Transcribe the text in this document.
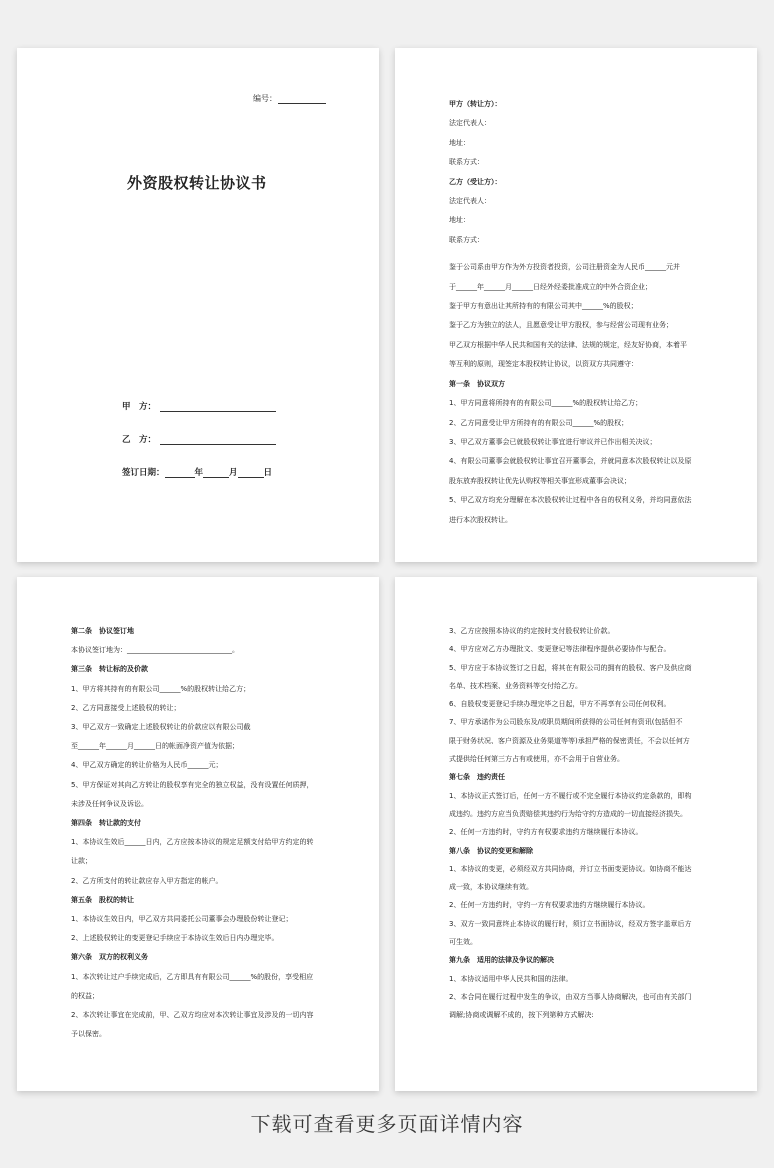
编号：
外资股权转让协议书
甲　方：
乙　方：
签订日期：	年	月	日
甲方（转让方）：
法定代表人：
地址：
联系方式：
乙方（受让方）：
法定代表人：
地址：
联系方式：
鉴于公司系由甲方作为外方投资者投资，公司注册资金为人民币______元并
于______年______月______日经外经委批准成立的中外合资企业；
鉴于甲方有意出让其所持有的有限公司其中______%的股权；
鉴于乙方为独立的法人，且愿意受让甲方股权，参与经营公司现有业务；
甲乙双方根据中华人民共和国有关的法律、法规的规定，经友好协商，本着平
等互利的原则，现签定本股权转让协议，以资双方共同遵守：
第一条　协议双方
1、甲方同意将所持有的有限公司______%的股权转让给乙方；
2、乙方同意受让甲方所持有的有限公司______%的股权；
3、甲乙双方董事会已就股权转让事宜进行审议并已作出相关决议；
4、有限公司董事会就股权转让事宜召开董事会，并就同意本次股权转让以及原
股东放弃股权转让优先认购权等相关事宜形成董事会决议；
5、甲乙双方均充分理解在本次股权转让过程中各自的权利义务，并均同意依法
进行本次股权转让。
第二条　协议签订地
本协议签订地为：______________________________。
第三条　转让标的及价款
1、甲方将其持有的有限公司______%的股权转让给乙方；
2、乙方同意接受上述股权的转让；
3、甲乙双方一致确定上述股权转让的价款应以有限公司截
至______年______月______日的帐面净资产值为依据；
4、甲乙双方确定的转让价格为人民币______元；
5、甲方保证对其向乙方转让的股权享有完全的独立权益，没有设置任何质押，
未涉及任何争议及诉讼。
第四条　转让款的支付
1、本协议生效后______日内，乙方应按本协议的规定足额支付给甲方约定的转
让款；
2、乙方所支付的转让款应存入甲方指定的帐户。
第五条　股权的转让
1、本协议生效日内，甲乙双方共同委托公司董事会办理股份转让登记；
2、上述股权转让的变更登记手续应于本协议生效后日内办理完毕。
第六条　双方的权利义务
1、本次转让过户手续完成后，乙方即具有有限公司______%的股份，享受相应
的权益；
2、本次转让事宜在完成前，甲、乙双方均应对本次转让事宜及涉及的一切内容
予以保密。
3、乙方应按照本协议的约定按时支付股权转让价款。
4、甲方应对乙方办理批文、变更登记等法律程序提供必要协作与配合。
5、甲方应于本协议签订之日起，将其在有限公司的拥有的股权、客户及供应商
名单、技术档案、业务资料等交付给乙方。
6、自股权变更登记手续办理完毕之日起，甲方不再享有公司任何权利。
7、甲方承诺作为公司股东及/或职员期间所获得的公司任何有资讯(包括但不
限于财务状况、客户资源及业务渠道等等)承担严格的保密责任，不会以任何方
式提供给任何第三方占有或使用，亦不会用于自营业务。
第七条　违约责任
1、本协议正式签订后，任何一方不履行或不完全履行本协议约定条款的，即构
成违约。违约方应当负责赔偿其违约行为给守约方造成的一切直接经济损失。
2、任何一方违约时，守约方有权要求违约方继续履行本协议。
第八条　协议的变更和解除
1、本协议的变更，必须经双方共同协商，并订立书面变更协议。如协商不能达
成一致，本协议继续有效。
2、任何一方违约时，守约一方有权要求违约方继续履行本协议。
3、双方一致同意终止本协议的履行时，须订立书面协议，经双方签字盖章后方
可生效。
第九条　适用的法律及争议的解决
1、本协议适用中华人民共和国的法律。
2、本合同在履行过程中发生的争议，由双方当事人协商解决，也可由有关部门
调解;协商或调解不成的，按下列第种方式解决:
下载可查看更多页面详情内容
